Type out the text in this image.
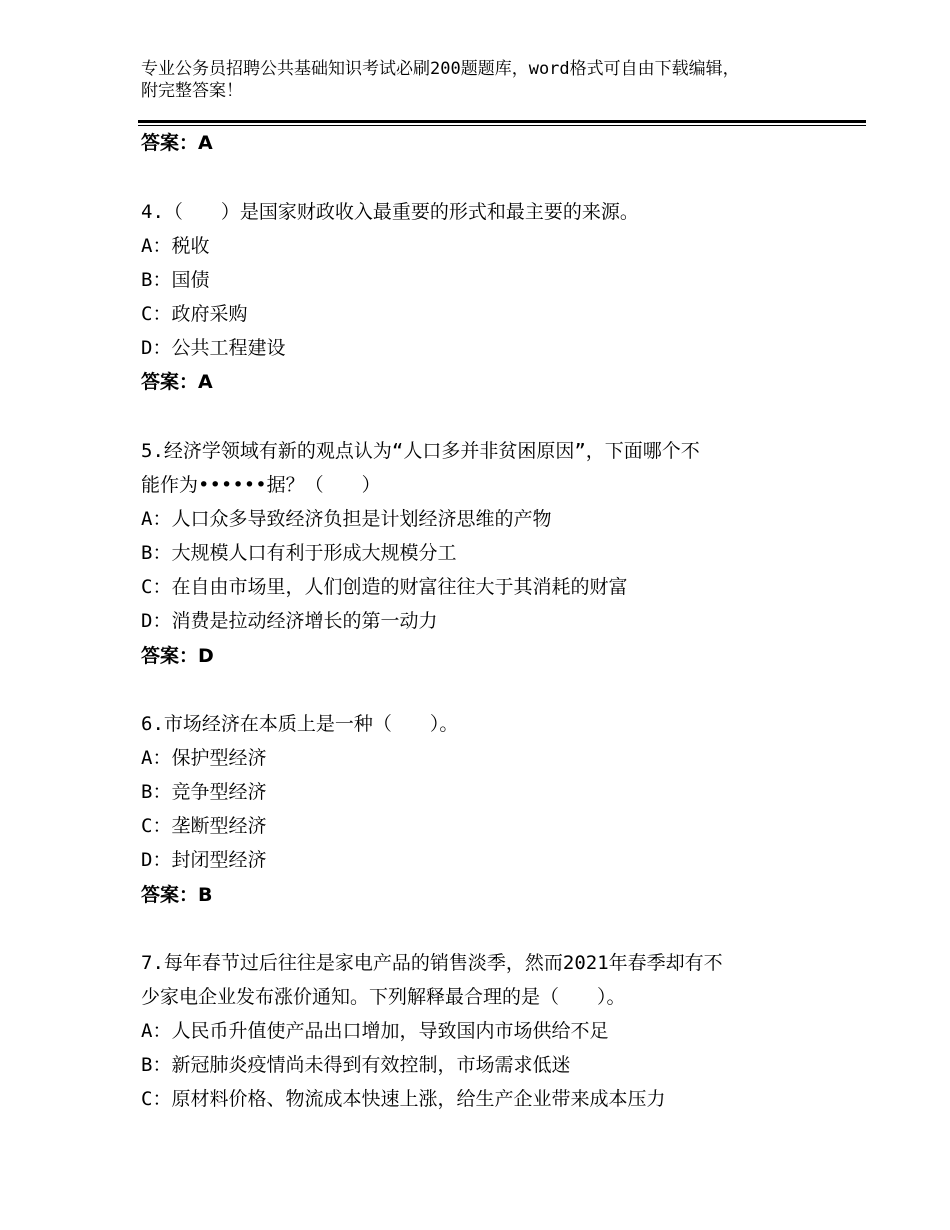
专业公务员招聘公共基础知识考试必刷200题题库，word格式可自由下载编辑，
附完整答案！
答案：A
4.（　　）是国家财政收入最重要的形式和最主要的来源。
A：税收
B：国债
C：政府采购
D：公共工程建设
答案：A
5.经济学领域有新的观点认为“人口多并非贫困原因”，下面哪个不
能作为••••••据？（　　）
A：人口众多导致经济负担是计划经济思维的产物
B：大规模人口有利于形成大规模分工
C：在自由市场里，人们创造的财富往往大于其消耗的财富
D：消费是拉动经济增长的第一动力
答案：D
6.市场经济在本质上是一种（　　）。
A：保护型经济
B：竞争型经济
C：垄断型经济
D：封闭型经济
答案：B
7.每年春节过后往往是家电产品的销售淡季，然而2021年春季却有不
少家电企业发布涨价通知。下列解释最合理的是（　　）。
A：人民币升值使产品出口增加，导致国内市场供给不足
B：新冠肺炎疫情尚未得到有效控制，市场需求低迷
C：原材料价格、物流成本快速上涨，给生产企业带来成本压力
